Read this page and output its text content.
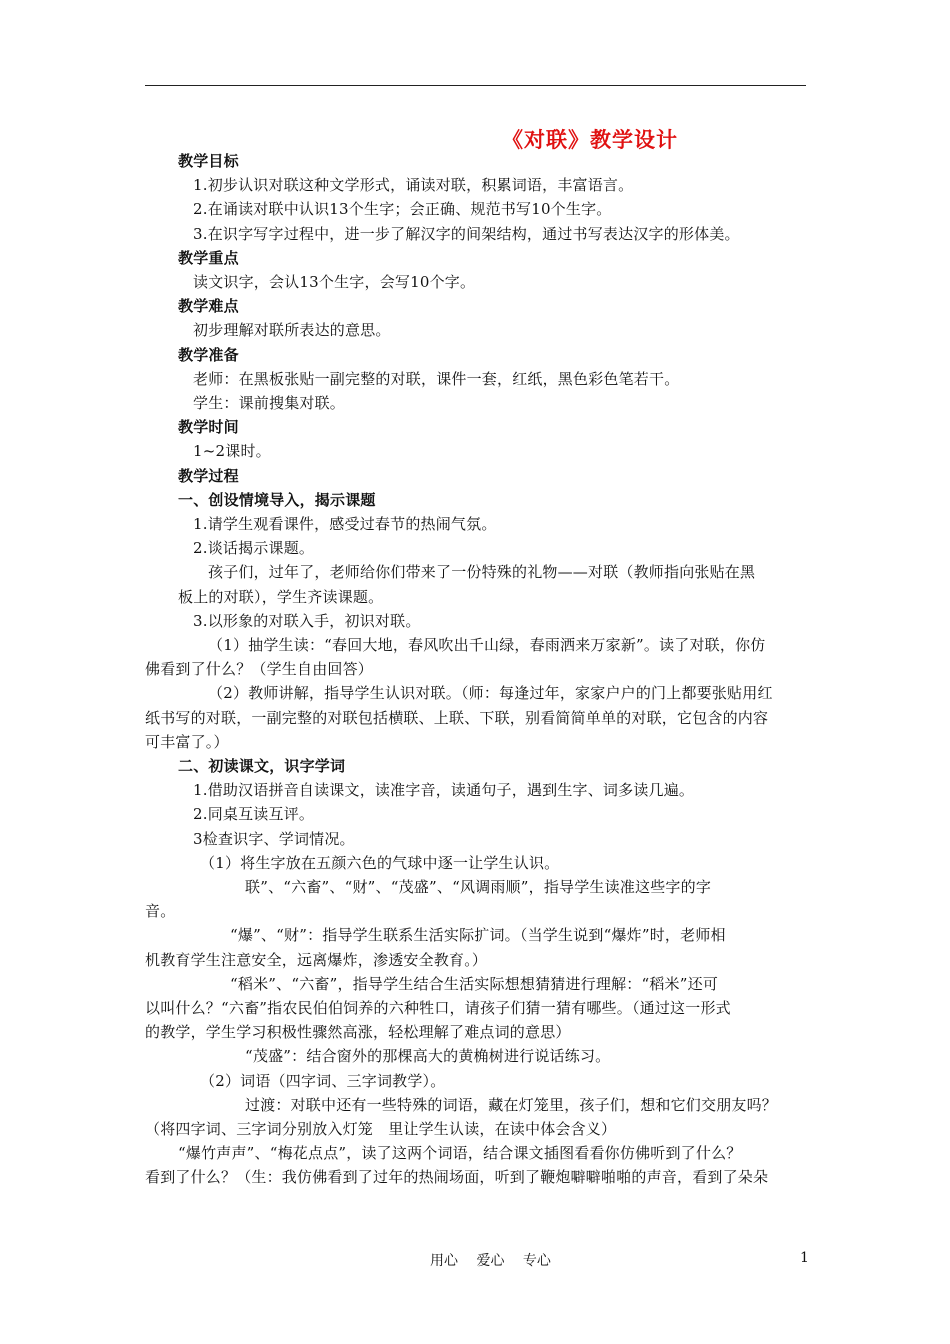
《对联》教学设计
教学目标
1.初步认识对联这种文学形式，诵读对联，积累词语，丰富语言。
2.在诵读对联中认识13个生字；会正确、规范书写10个生字。
3.在识字写字过程中，进一步了解汉字的间架结构，通过书写表达汉字的形体美。
教学重点
读文识字，会认13个生字，会写10个字。
教学难点
初步理解对联所表达的意思。
教学准备
老师：在黑板张贴一副完整的对联，课件一套，红纸，黑色彩色笔若干。
学生：课前搜集对联。
教学时间
1~2课时。
教学过程
一、创设情境导入，揭示课题
1.请学生观看课件，感受过春节的热闹气氛。
2.谈话揭示课题。
孩子们，过年了，老师给你们带来了一份特殊的礼物——对联（教师指向张贴在黑
板上的对联），学生齐读课题。
3.以形象的对联入手，初识对联。
（1）抽学生读：“春回大地，春风吹出千山绿，春雨洒来万家新”。读了对联，你仿
佛看到了什么？（学生自由回答）
（2）教师讲解，指导学生认识对联。（师：每逢过年，家家户户的门上都要张贴用红
纸书写的对联，一副完整的对联包括横联、上联、下联，别看简简单单的对联，它包含的内容
可丰富了。）
二、初读课文，识字学词
1.借助汉语拼音自读课文，读准字音，读通句子，遇到生字、词多读几遍。
2.同桌互读互评。
3检查识字、学词情况。
（1）将生字放在五颜六色的气球中逐一让学生认识。
联”、“六畜”、“财”、“茂盛”、“风调雨顺”，指导学生读准这些字的字
音。
“爆”、“财”：指导学生联系生活实际扩词。（当学生说到“爆炸”时，老师相
机教育学生注意安全，远离爆炸，渗透安全教育。）
“稻米”、“六畜”，指导学生结合生活实际想想猜猜进行理解：“稻米”还可
以叫什么？“六畜”指农民伯伯饲养的六种牲口，请孩子们猜一猜有哪些。（通过这一形式
的教学，学生学习积极性骤然高涨，轻松理解了难点词的意思）
“茂盛”：结合窗外的那棵高大的黄桷树进行说话练习。
（2）词语（四字词、三字词教学）。
过渡：对联中还有一些特殊的词语，藏在灯笼里，孩子们，想和它们交朋友吗？
（将四字词、三字词分别放入灯笼　里让学生认读，在读中体会含义）
“爆竹声声”、“梅花点点”，读了这两个词语，结合课文插图看看你仿佛听到了什么？
看到了什么？（生：我仿佛看到了过年的热闹场面，听到了鞭炮噼噼啪啪的声音，看到了朵朵
用心　 爱心　 专心	1
